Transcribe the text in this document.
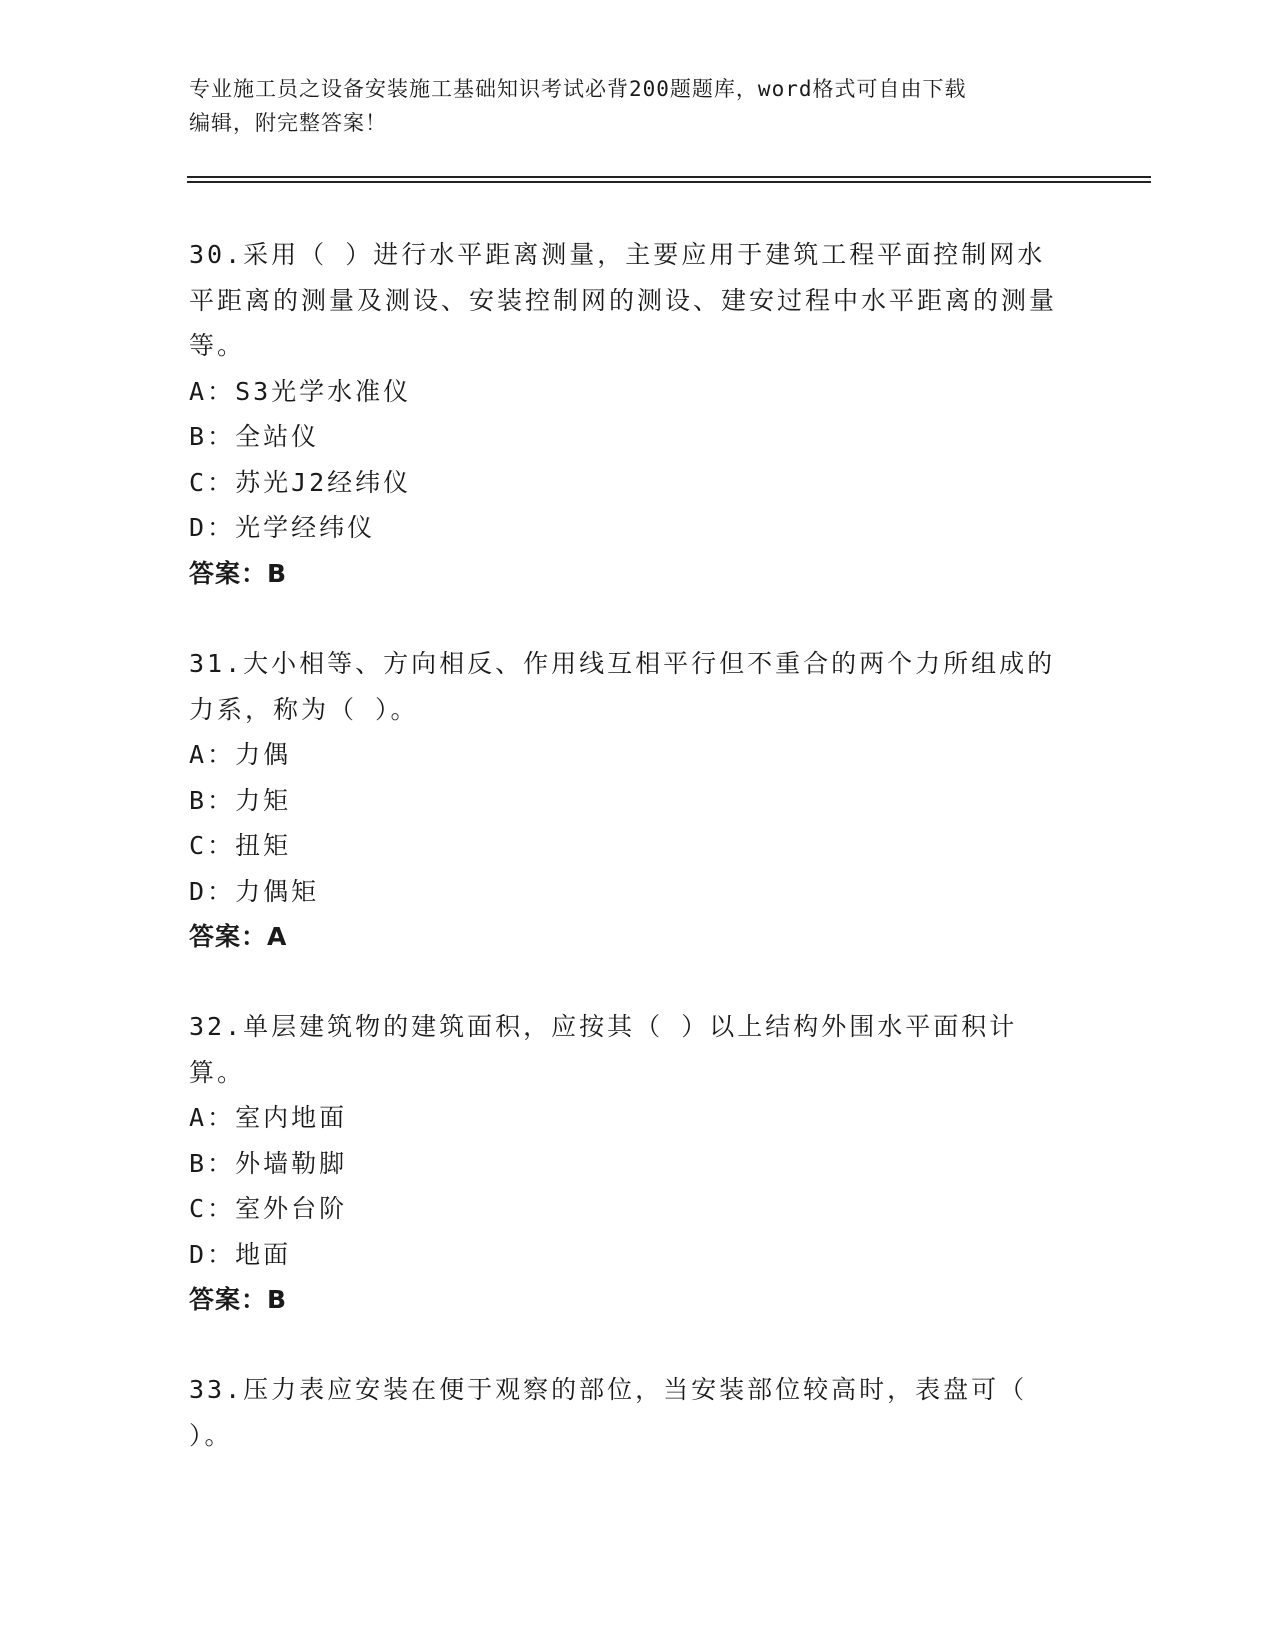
专业施工员之设备安装施工基础知识考试必背200题题库，word格式可自由下载
编辑，附完整答案！

30.采用（ ）进行水平距离测量，主要应用于建筑工程平面控制网水平距离的测量及测设、安装控制网的测设、建安过程中水平距离的测量等。

A：S3光学水准仪

B：全站仪

C：苏光J2经纬仪

D：光学经纬仪

答案：B

31.大小相等、方向相反、作用线互相平行但不重合的两个力所组成的力系，称为（ ）。

A：力偶

B：力矩

C：扭矩

D：力偶矩

答案：A

32.单层建筑物的建筑面积，应按其（ ）以上结构外围水平面积计算。

A：室内地面

B：外墙勒脚

C：室外台阶

D：地面

答案：B

33.压力表应安装在便于观察的部位，当安装部位较高时，表盘可（ ）。
